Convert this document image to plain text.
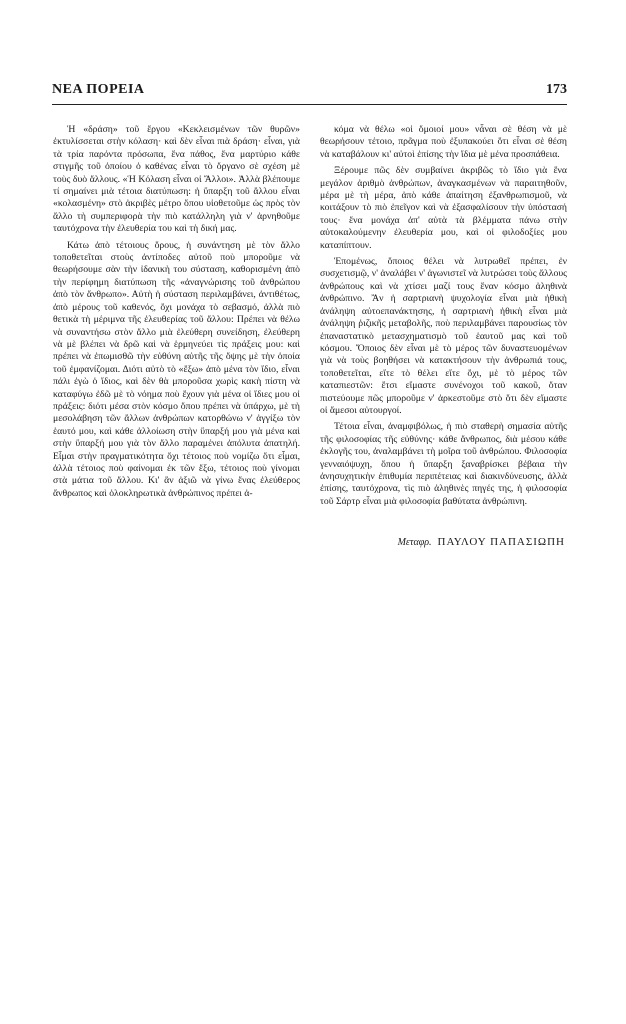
ΝΕΑ ΠΟΡΕΙΑ	173

Ἡ «δράση» τοῦ ἔργου «Κεκλεισμένων τῶν θυρῶν» ἐκτυλίσσεται στὴν κόλαση· καὶ δὲν εἶναι πιὰ δράση· εἶναι, γιὰ τὰ τρία παρόντα πρόσωπα, ἕνα πάθος, ἕνα μαρτύριο κάθε στιγμῆς τοῦ ὁποίου ὁ καθένας εἶναι τὸ ὄργανο σὲ σχέση μὲ τοὺς δυὸ ἄλλους. «Ἡ Κόλαση εἶναι οἱ Ἄλλοι». Ἀλλὰ βλέπουμε τί σημαίνει μιὰ τέτοια διατύπωση: ἡ ὕπαρξη τοῦ ἄλλου εἶναι «κολασμένη» στὸ ἀκριβὲς μέτρο ὅπου υἱοθετοῦμε ὡς πρὸς τὸν ἄλλο τὴ συμπεριφορὰ τὴν πιὸ κατάλληλη γιὰ ν' ἀρνηθοῦμε ταυτόχρονα τὴν ἐλευθερία του καὶ τὴ δική μας.

Κάτω ἀπὸ τέτοιους ὅρους, ἡ συνάντηση μὲ τὸν ἄλλο τοποθετεῖται στοὺς ἀντίποδες αὐτοῦ ποὺ μποροῦμε νὰ θεωρήσουμε σὰν τὴν ἰδανικὴ του σύσταση, καθορισμένη ἀπὸ τὴν περίφημη διατύπωση τῆς «ἀναγνώρισης τοῦ ἀνθρώπου ἀπὸ τὸν ἄνθρωπο». Αὐτὴ ἡ σύσταση περιλαμβάνει, ἀντιθέτως, ἀπὸ μέρους τοῦ καθενός, ὄχι μονάχα τὸ σεβασμό, ἀλλὰ πιὸ θετικὰ τὴ μέριμνα τῆς ἐλευθερίας τοῦ ἄλλου: Πρέπει νὰ θέλω νὰ συναντήσω στὸν ἄλλο μιὰ ἐλεύθερη συνείδηση, ἐλεύθερη νὰ μὲ βλέπει νὰ δρῶ καὶ νὰ ἑρμηνεύει τὶς πράξεις μου: καὶ πρέπει νὰ ἐπωμισθῶ τὴν εὐθύνη αὐτῆς τῆς ὄψης μὲ τὴν ὁποία τοῦ ἐμφανίζομαι. Διότι αὐτὸ τὸ «ἔξω» ἀπὸ μένα τὸν ἴδιο, εἶναι πάλι ἐγὼ ὁ ἴδιος, καὶ δὲν θὰ μποροῦσα χωρὶς κακὴ πίστη νὰ καταφύγω ἐδῶ μὲ τὸ νόημα ποὺ ἔχουν γιὰ μένα οἱ ἴδιες μου οἱ πράξεις: διότι μέσα στὸν κόσμο ὅπου πρέπει νὰ ὑπάρχω, μὲ τὴ μεσολάβηση τῶν ἄλλων ἀνθρώπων κατορθώνω ν' ἀγγίξω τὸν ἑαυτό μου, καὶ κάθε ἀλλοίωση στὴν ὕπαρξή μου γιὰ μένα καὶ στὴν ὕπαρξή μου γιὰ τὸν ἄλλο παραμένει ἀπόλυτα ἀπατηλή. Εἶμαι στὴν πραγματικότητα ὄχι τέτοιος ποὺ νομίζω ὅτι εἶμαι, ἀλλὰ τέτοιος ποὺ φαίνομαι ἐκ τῶν ἔξω, τέτοιος ποὺ γίνομαι στὰ μάτια τοῦ ἄλλου. Κι' ἂν ἀξιῶ νὰ γίνω ἕνας ἐλεύθερος ἄνθρωπος καὶ ὁλοκληρωτικὰ ἀνθρώπινος πρέπει ἀ-

κόμα νὰ θέλω «οἱ ὅμοιοί μου» νἆναι σὲ θέση νὰ μὲ θεωρήσουν τέτοιο, πρᾶγμα ποὺ ἐξυπακούει ὅτι εἶναι σὲ θέση νὰ καταβάλουν κι' αὐτοὶ ἐπίσης τὴν ἴδια μὲ μένα προσπάθεια.

Ξέρουμε πῶς δὲν συμβαίνει ἀκριβῶς τὸ ἴδιο γιὰ ἕνα μεγάλον ἀριθμὸ ἀνθρώπων, ἀναγκασμένων νὰ παραιτηθοῦν, μέρα μὲ τὴ μέρα, ἀπὸ κάθε ἀπαίτηση ἐξανθρωπισμοῦ, νὰ κοιτάξουν τὸ πιὸ ἐπεῖγον καὶ νὰ ἐξασφαλίσουν τὴν ὑπόστασή τους· ἕνα μονάχα ἀπ' αὐτὰ τὰ βλέμματα πάνω στὴν αὐτοκαλούμενην ἐλευθερία μου, καὶ οἱ φιλοδοξίες μου καταπίπτουν.

Ἑπομένως, ὅποιος θέλει νὰ λυτρωθεῖ πρέπει, ἐν συσχετισμῷ, ν' ἀναλάβει ν' ἀγωνιστεῖ νὰ λυτρώσει τοὺς ἄλλους ἀνθρώπους καὶ νὰ χτίσει μαζί τους ἕναν κόσμο ἀληθινὰ ἀνθρώπινο. Ἂν ἡ σαρτριανὴ ψυχολογία εἶναι μιὰ ἠθικὴ ἀνάληψη αὐτοεπανάκτησης, ἡ σαρτριανὴ ἠθικὴ εἶναι μιὰ ἀνάληψη ῥιζικῆς μεταβολῆς, ποὺ περιλαμβάνει παρουσίως τὸν ἐπαναστατικὸ μετασχηματισμὸ τοῦ ἑαυτοῦ μας καὶ τοῦ κόσμου. Ὅποιος δὲν εἶναι μὲ τὸ μέρος τῶν δυναστευομένων γιὰ νὰ τοὺς βοηθήσει νὰ κατακτήσουν τὴν ἀνθρωπιά τους, τοποθετεῖται, εἴτε τὸ θέλει εἴτε ὄχι, μὲ τὸ μέρος τῶν καταπιεστῶν: ἔτσι εἴμαστε συνένοχοι τοῦ κακοῦ, ὅταν πιστεύουμε πῶς μποροῦμε ν' ἀρκεστοῦμε στὸ ὅτι δὲν εἴμαστε οἱ ἄμεσοι αὐτουργοί.

Τέτοια εἶναι, ἀναμφιβόλως, ἡ πιὸ σταθερὴ σημασία αὐτῆς τῆς φιλοσοφίας τῆς εὐθύνης· κάθε ἄνθρωπος, διὰ μέσου κάθε ἐκλογῆς του, ἀναλαμβάνει τὴ μοῖρα τοῦ ἀνθρώπου. Φιλοσοφία γενναιόψυχη, ὅπου ἡ ὕπαρξη ξαναβρίσκει βέβαια τὴν ἀνησυχητικὴν ἐπιθυμία περιπέτειας καὶ διακινδύνευσης, ἀλλὰ ἐπίσης, ταυτόχρονα, τὶς πιὸ ἀληθινὲς πηγές της, ἡ φιλοσοφία τοῦ Σάρτρ εἶναι μιὰ φιλοσοφία βαθύτατα ἀνθρώπινη.

Μεταφρ. ΠΑΥΛΟΥ ΠΑΠΑΣΙΩΠΗ
